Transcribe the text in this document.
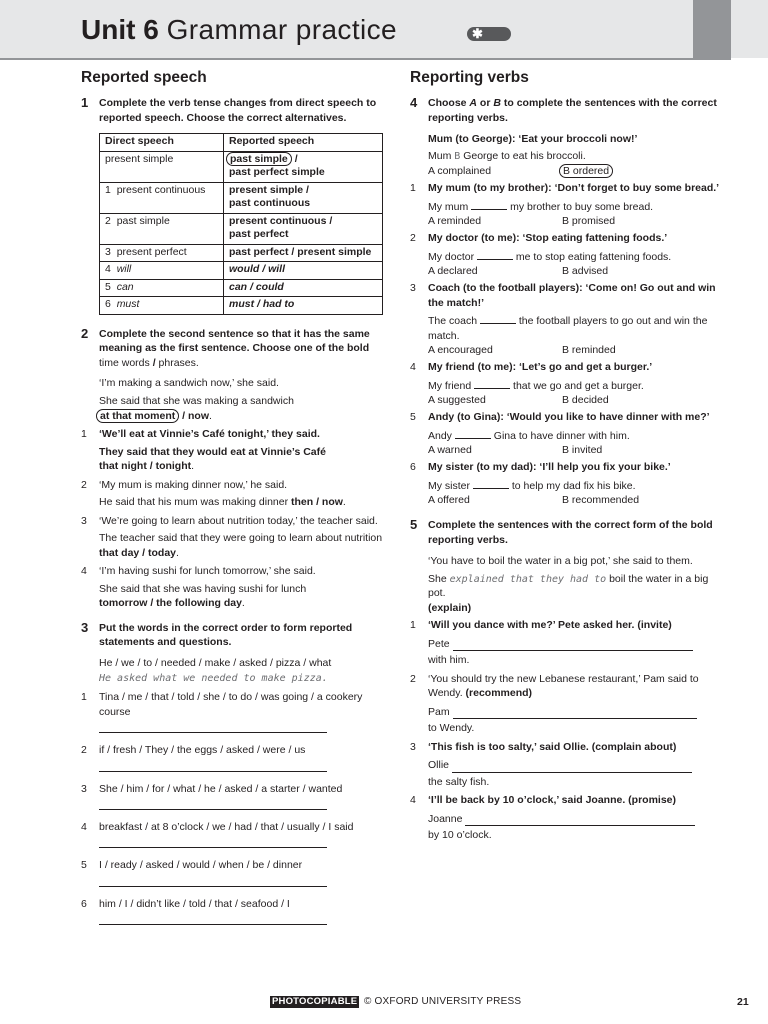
Unit 6 Grammar practice	✱
Reported speech
1 Complete the verb tense changes from direct speech to reported speech. Choose the correct alternatives.
Direct speech	Reported speech
present simple	past simple /
past perfect simple
1 present continuous	present simple /
past continuous
2 past simple	present continuous /
past perfect
3 present perfect	past perfect / present simple
4 will	would / will
5 can	can / could
6 must	must / had to
2 Complete the second sentence so that it has the same meaning as the first sentence. Choose one of the bold time words / phrases.
‘I’m making a sandwich now,’ she said.
She said that she was making a sandwich
at that moment / now.
1 ‘We’ll eat at Vinnie’s Café tonight,’ they said.
They said that they would eat at Vinnie’s Café
that night / tonight.
2 ‘My mum is making dinner now,’ he said.
He said that his mum was making dinner then / now.
3 ‘We’re going to learn about nutrition today,’ the teacher said.
The teacher said that they were going to learn about nutrition that day / today.
4 ‘I’m having sushi for lunch tomorrow,’ she said.
She said that she was having sushi for lunch
tomorrow / the following day.
3 Put the words in the correct order to form reported statements and questions.
He / we / to / needed / make / asked / pizza / what
He asked what we needed to make pizza.
1 Tina / me / that / told / she / to do / was going / a cookery course
2 if / fresh / They / the eggs / asked / were / us
3 She / him / for / what / he / asked / a starter / wanted
4 breakfast / at 8 o’clock / we / had / that / usually / I said
5 I / ready / asked / would / when / be / dinner
6 him / I / didn’t like / told / that / seafood / I
Reporting verbs
4 Choose A or B to complete the sentences with the correct reporting verbs.
Mum (to George): ‘Eat your broccoli now!’
Mum B George to eat his broccoli.
A complained	B ordered
1 My mum (to my brother): ‘Don’t forget to buy some bread.’
My mum	my brother to buy some bread.
A reminded	B promised
2 My doctor (to me): ‘Stop eating fattening foods.’
My doctor	me to stop eating fattening foods.
A declared	B advised
3 Coach (to the football players): ‘Come on! Go out and win the match!’
The coach	the football players to go out and win the match.
A encouraged	B reminded
4 My friend (to me): ‘Let’s go and get a burger.’
My friend	that we go and get a burger.
A suggested	B decided
5 Andy (to Gina): ‘Would you like to have dinner with me?’
Andy	Gina to have dinner with him.
A warned	B invited
6 My sister (to my dad): ‘I’ll help you fix your bike.’
My sister	to help my dad fix his bike.
A offered	B recommended
5 Complete the sentences with the correct form of the bold reporting verbs.
‘You have to boil the water in a big pot,’ she said to them.
She explained that they had to boil the water in a big pot.
(explain)
1 ‘Will you dance with me?’ Pete asked her. (invite)
Pete
with him.
2 ‘You should try the new Lebanese restaurant,’ Pam said to Wendy. (recommend)
Pam
to Wendy.
3 ‘This fish is too salty,’ said Ollie. (complain about)
Ollie
the salty fish.
4 ‘I’ll be back by 10 o’clock,’ said Joanne. (promise)
Joanne
by 10 o’clock.
PHOTOCOPIABLE © OXFORD UNIVERSITY PRESS	21
